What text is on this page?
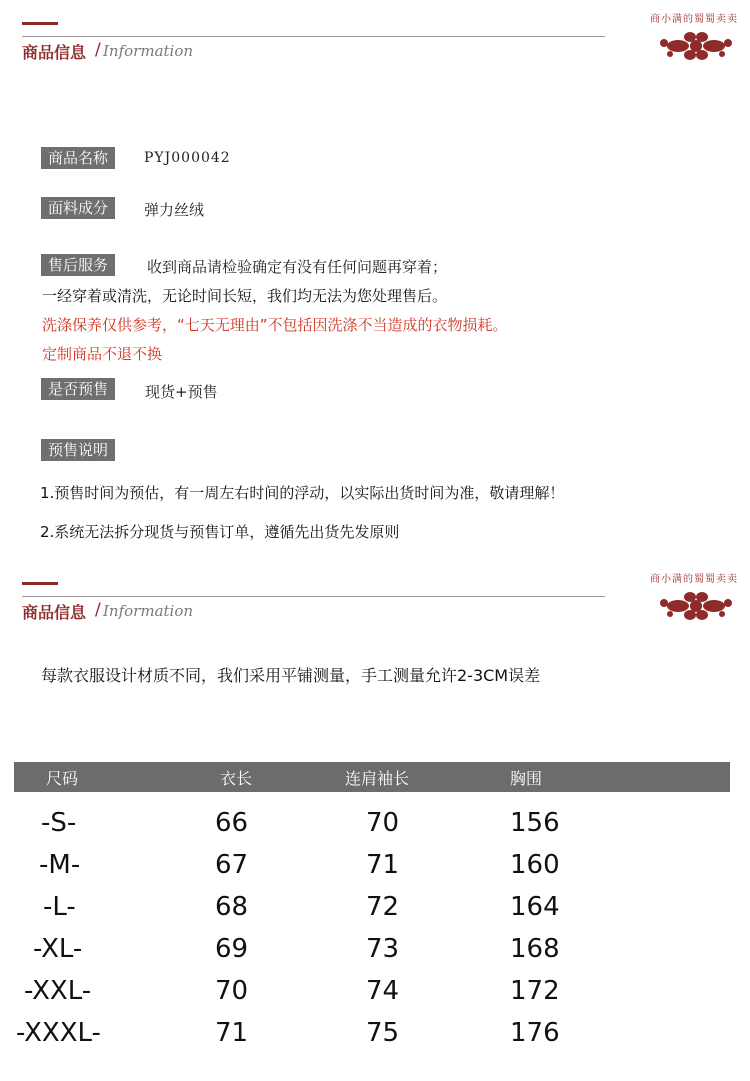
商品信息 / Information
商小满的蜀蜀卖卖
商品名称	PYJ000042
面料成分	弹力丝绒
售后服务	收到商品请检验确定有没有任何问题再穿着；
一经穿着或清洗，无论时间长短，我们均无法为您处理售后。
洗涤保养仅供参考，“七天无理由”不包括因洗涤不当造成的衣物损耗。
定制商品不退不换
是否预售	现货+预售
预售说明
1.预售时间为预估，有一周左右时间的浮动，以实际出货时间为准，敬请理解！
2.系统无法拆分现货与预售订单，遵循先出货先发原则
商品信息 / Information
商小满的蜀蜀卖卖
每款衣服设计材质不同，我们采用平铺测量，手工测量允许2-3CM误差
尺码	衣长	连肩袖长	胸围
-S-	66	70	156
-M-	67	71	160
-L-	68	72	164
-XL-	69	73	168
-XXL-	70	74	172
-XXXL-	71	75	176
